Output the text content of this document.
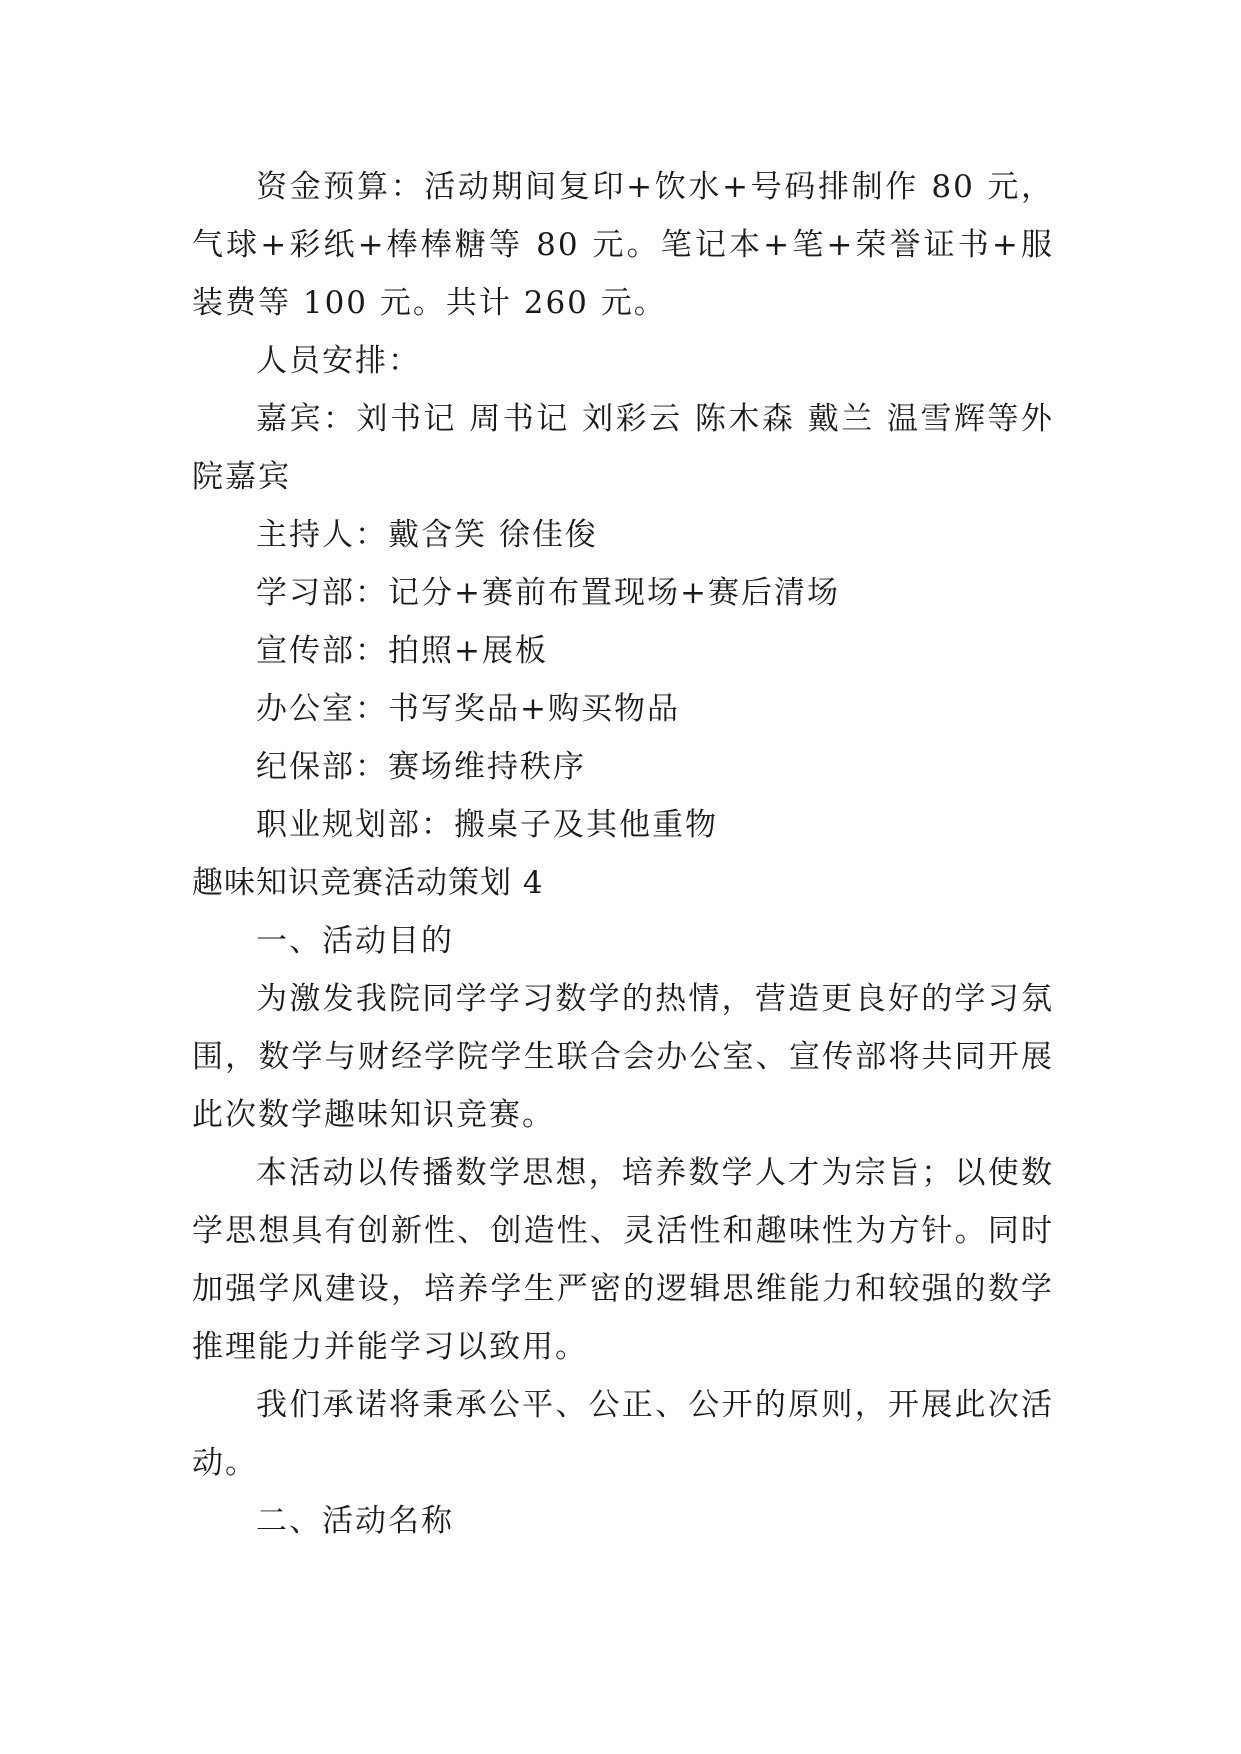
资金预算：活动期间复印+饮水+号码排制作 80 元，气球+彩纸+棒棒糖等 80 元。笔记本+笔+荣誉证书+服装费等 100 元。共计 260 元。

人员安排：

嘉宾：刘书记 周书记 刘彩云 陈木森 戴兰 温雪辉等外院嘉宾

主持人：戴含笑 徐佳俊

学习部：记分+赛前布置现场+赛后清场

宣传部：拍照+展板

办公室：书写奖品+购买物品

纪保部：赛场维持秩序

职业规划部：搬桌子及其他重物

趣味知识竞赛活动策划 4

一、活动目的

为激发我院同学学习数学的热情，营造更良好的学习氛围，数学与财经学院学生联合会办公室、宣传部将共同开展此次数学趣味知识竞赛。

本活动以传播数学思想，培养数学人才为宗旨；以使数学思想具有创新性、创造性、灵活性和趣味性为方针。同时加强学风建设，培养学生严密的逻辑思维能力和较强的数学推理能力并能学习以致用。

我们承诺将秉承公平、公正、公开的原则，开展此次活动。

二、活动名称
